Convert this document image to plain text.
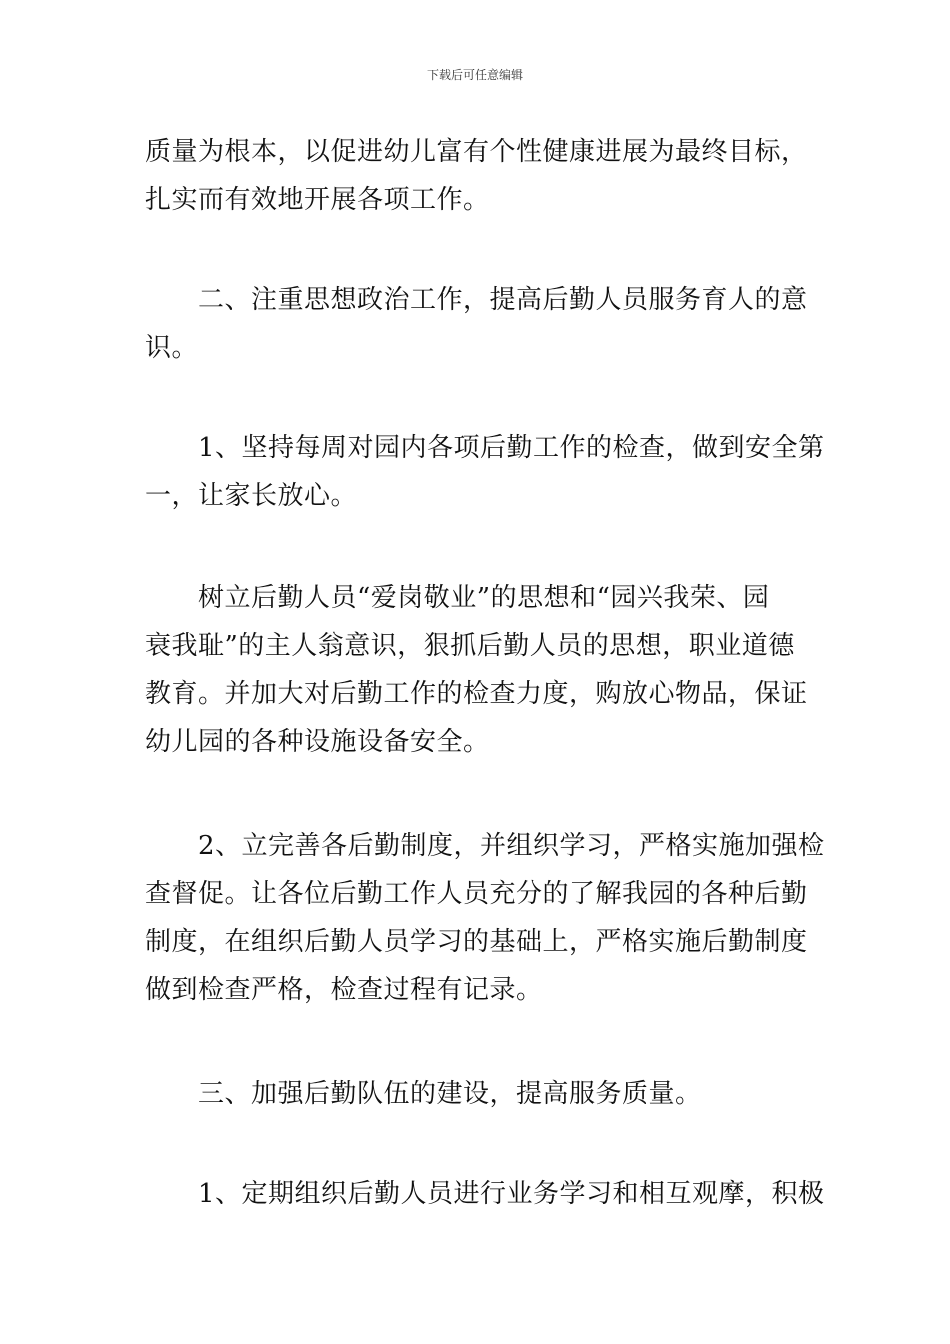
下载后可任意编辑
质量为根本，以促进幼儿富有个性健康进展为最终目标，
扎实而有效地开展各项工作。
　　二、注重思想政治工作，提高后勤人员服务育人的意
识。
　　1、坚持每周对园内各项后勤工作的检查，做到安全第
一，让家长放心。
　　树立后勤人员“爱岗敬业”的思想和“园兴我荣、园
衰我耻”的主人翁意识，狠抓后勤人员的思想，职业道德
教育。并加大对后勤工作的检查力度，购放心物品，保证
幼儿园的各种设施设备安全。
　　2、立完善各后勤制度，并组织学习，严格实施加强检
查督促。让各位后勤工作人员充分的了解我园的各种后勤
制度，在组织后勤人员学习的基础上，严格实施后勤制度
做到检查严格，检查过程有记录。
　　三、加强后勤队伍的建设，提高服务质量。
　　1、定期组织后勤人员进行业务学习和相互观摩，积极
